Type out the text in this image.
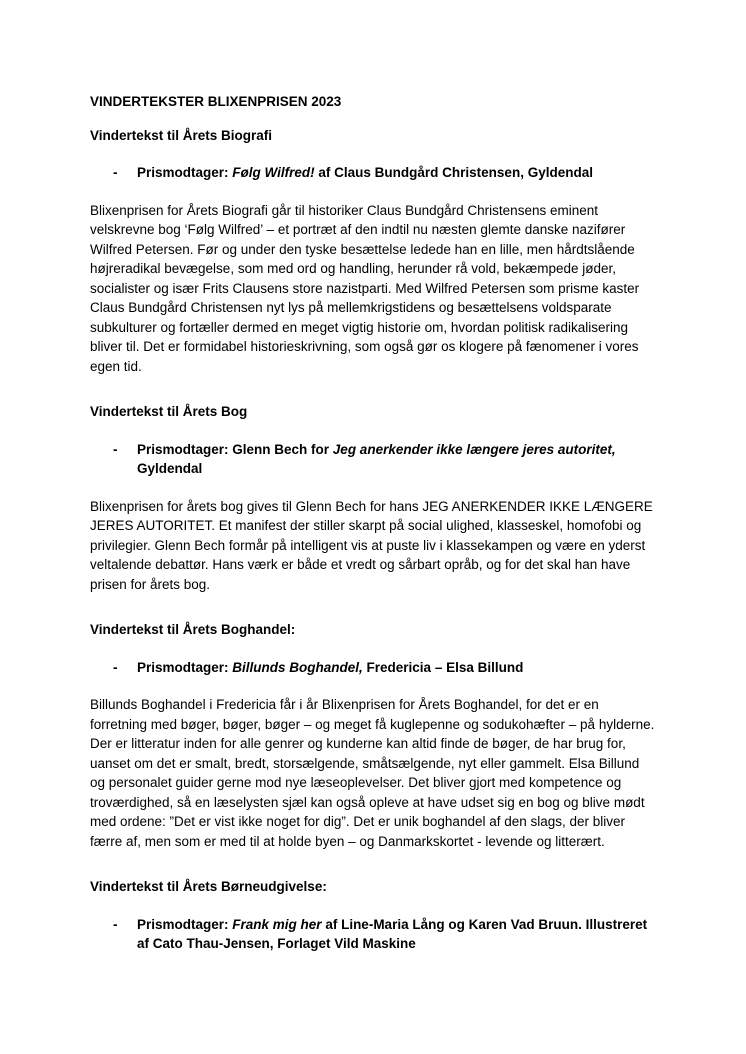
VINDERTEKSTER BLIXENPRISEN 2023
Vindertekst til Årets Biografi
-	Prismodtager: Følg Wilfred! af Claus Bundgård Christensen, Gyldendal

Blixenprisen for Årets Biografi går til historiker Claus Bundgård Christensens eminent velskrevne bog ‘Følg Wilfred’ – et portræt af den indtil nu næsten glemte danske nazifører Wilfred Petersen. Før og under den tyske besættelse ledede han en lille, men hårdtslående højreradikal bevægelse, som med ord og handling, herunder rå vold, bekæmpede jøder, socialister og især Frits Clausens store nazistparti. Med Wilfred Petersen som prisme kaster Claus Bundgård Christensen nyt lys på mellemkrigstidens og besættelsens voldsparate subkulturer og fortæller dermed en meget vigtig historie om, hvordan politisk radikalisering bliver til. Det er formidabel historieskrivning, som også gør os klogere på fænomener i vores egen tid.

Vindertekst til Årets Bog
-	Prismodtager: Glenn Bech for Jeg anerkender ikke længere jeres autoritet, Gyldendal

Blixenprisen for årets bog gives til Glenn Bech for hans JEG ANERKENDER IKKE LÆNGERE JERES AUTORITET. Et manifest der stiller skarpt på social ulighed, klasseskel, homofobi og privilegier. Glenn Bech formår på intelligent vis at puste liv i klassekampen og være en yderst veltalende debattør. Hans værk er både et vredt og sårbart opråb, og for det skal han have prisen for årets bog.

Vindertekst til Årets Boghandel:
-	Prismodtager: Billunds Boghandel, Fredericia – Elsa Billund

Billunds Boghandel i Fredericia får i år Blixenprisen for Årets Boghandel, for det er en forretning med bøger, bøger, bøger – og meget få kuglepenne og sodukohæfter – på hylderne. Der er litteratur inden for alle genrer og kunderne kan altid finde de bøger, de har brug for, uanset om det er smalt, bredt, storsælgende, småtsælgende, nyt eller gammelt. Elsa Billund og personalet guider gerne mod nye læseoplevelser. Det bliver gjort med kompetence og troværdighed, så en læselysten sjæl kan også opleve at have udset sig en bog og blive mødt med ordene: ”Det er vist ikke noget for dig”. Det er unik boghandel af den slags, der bliver færre af, men som er med til at holde byen – og Danmarkskortet - levende og litterært.

Vindertekst til Årets Børneudgivelse:
-	Prismodtager: Frank mig her af Line-Maria Lång og Karen Vad Bruun. Illustreret af Cato Thau-Jensen, Forlaget Vild Maskine
